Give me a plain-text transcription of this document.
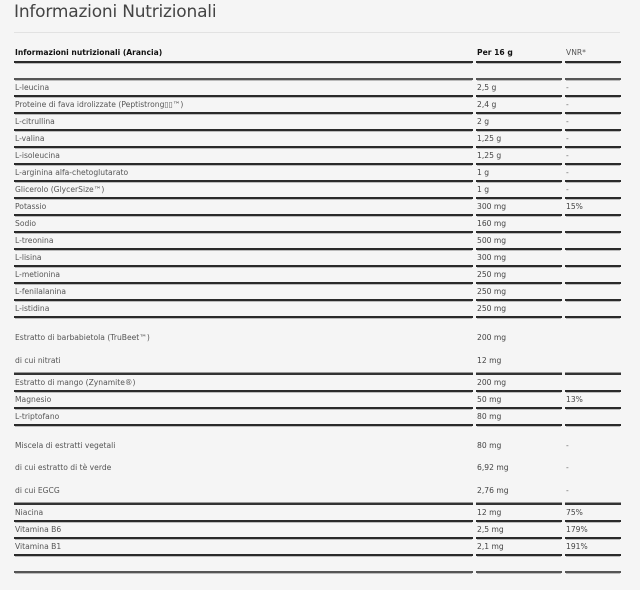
Informazioni Nutrizionali
Informazioni nutrizionali (Arancia)	Per 16 g	VNR*

L-leucina	2,5 g	-
Proteine di fava idrolizzate (Peptistrong▯▯™)	2,4 g	-
L-citrullina	2 g	-
L-valina	1,25 g	-
L-isoleucina	1,25 g	-
L-arginina alfa-chetoglutarato	1 g	-
Glicerolo (GlycerSize™)	1 g	-
Potassio	300 mg	15%
Sodio	160 mg	
L-treonina	500 mg	
L-lisina	300 mg	
L-metionina	250 mg	
L-fenilalanina	250 mg	
L-istidina	250 mg	
Estratto di barbabietola (TruBeet™)	200 mg	
di cui nitrati	12 mg	
Estratto di mango (Zynamite®)	200 mg	
Magnesio	50 mg	13%
L-triptofano	80 mg	
Miscela di estratti vegetali	80 mg	-
di cui estratto di tè verde	6,92 mg	-
di cui EGCG	2,76 mg	-
Niacina	12 mg	75%
Vitamina B6	2,5 mg	179%
Vitamina B1	2,1 mg	191%
